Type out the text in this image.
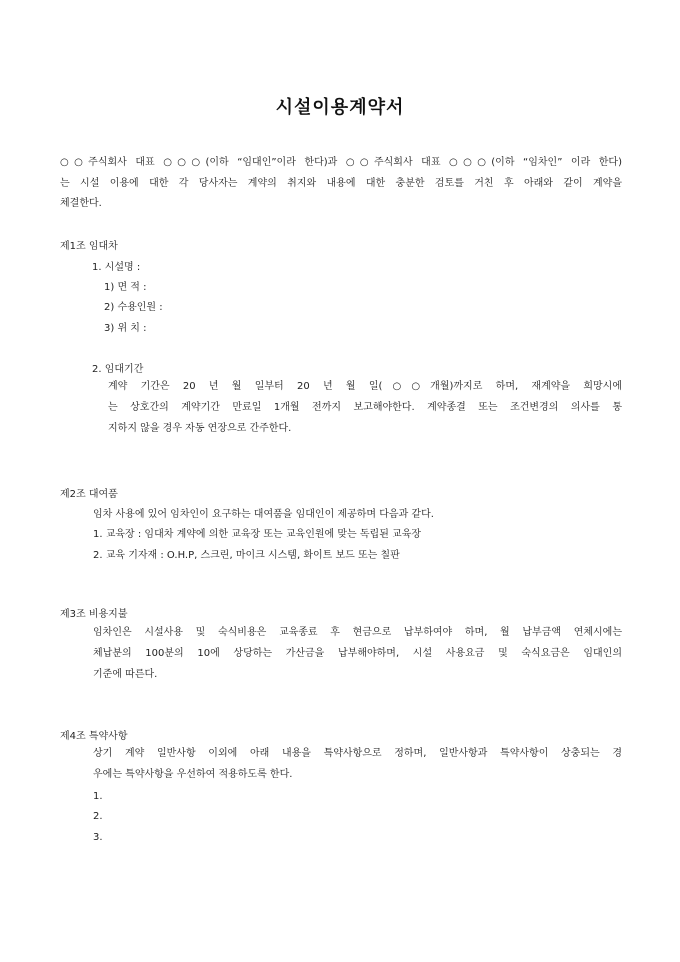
시설이용계약서
○○주식회사 대표 ○○○(이하 “임대인”이라 한다)과 ○○주식회사 대표 ○○○(이하 “임차인” 이라 한다)
는 시설 이용에 대한 각 당사자는 계약의 취지와 내용에 대한 충분한 검토를 거친 후 아래와 같이 계약을
체결한다.
제1조 임대차
1. 시설명 :
1) 면 적 :
2) 수용인원 :
3) 위 치 :
2. 임대기간
계약 기간은 20 년 월 일부터 20 년 월 일(○○개월)까지로 하며, 재계약을 희망시에
는 상호간의 계약기간 만료일 1개월 전까지 보고해야한다. 계약종결 또는 조건변경의 의사를 통
지하지 않을 경우 자동 연장으로 간주한다.
제2조 대여품
임차 사용에 있어 임차인이 요구하는 대여품을 임대인이 제공하며 다음과 같다.
1. 교육장 : 임대차 계약에 의한 교육장 또는 교육인원에 맞는 독립된 교육장
2. 교육 기자재 : O.H.P, 스크린, 마이크 시스템, 화이트 보드 또는 칠판
제3조 비용지불
임차인은 시설사용 및 숙식비용은 교육종료 후 현금으로 납부하여야 하며, 월 납부금액 연체시에는
체납분의 100분의 10에 상당하는 가산금을 납부해야하며, 시설 사용요금 및 숙식요금은 임대인의
기준에 따른다.
제4조 특약사항
상기 계약 일반사항 이외에 아래 내용을 특약사항으로 정하며, 일반사항과 특약사항이 상충되는 경
우에는 특약사항을 우선하여 적용하도록 한다.
1.
2.
3.
